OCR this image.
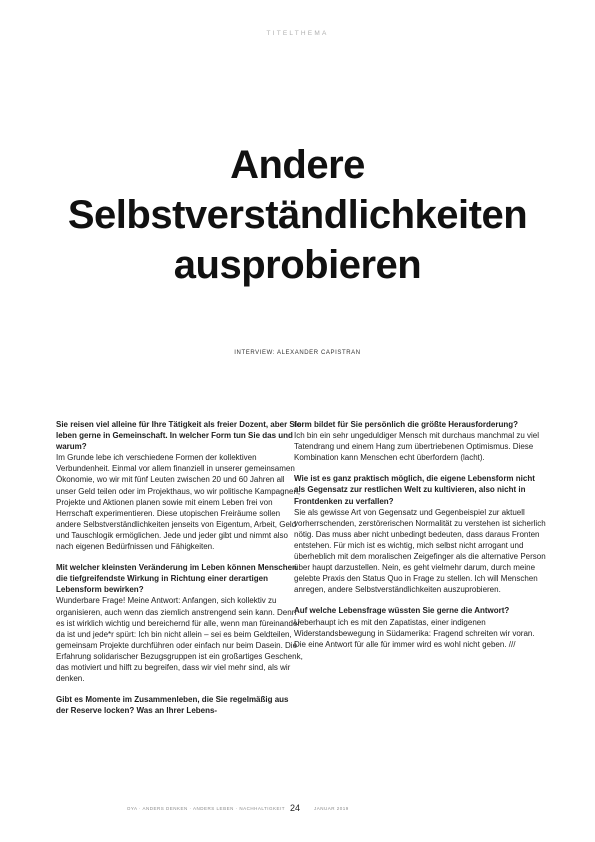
TITELTHEMA
Andere
Selbstverständlichkeiten
ausprobieren
INTERVIEW: ALEXANDER CAPISTRAN

Sie reisen viel alleine für Ihre Tätigkeit als freier Dozent, aber Sie leben gerne in Gemeinschaft. In welcher Form tun Sie das und warum?
Im Grunde lebe ich verschiedene Formen der kollektiven Verbundenheit. Einmal vor allem finanziell in unserer gemeinsamen Ökonomie, wo wir mit fünf Leuten zwischen 20 und 60 Jahren all unser Geld teilen oder im Projekthaus, wo wir politische Kampagnen, Projekte und Aktionen planen sowie mit einem Leben frei von Herrschaft experimentieren. Diese utopischen Freiräume sollen andere Selbstverständlichkeiten jenseits von Eigentum, Arbeit, Geld und Tauschlogik ermöglichen. Jede und jeder gibt und nimmt also nach eigenen Bedürfnissen und Fähigkeiten.

Mit welcher kleinsten Veränderung im Leben können Menschen die tiefgreifendste Wirkung in Richtung einer derartigen Lebensform bewirken?
Wunderbare Frage! Meine Antwort: Anfangen, sich kollektiv zu organisieren, auch wenn das ziemlich anstrengend sein kann. Denn es ist wirklich wichtig und bereichernd für alle, wenn man füreinander da ist und jede*r spürt: Ich bin nicht allein – sei es beim Geldteilen, gemeinsam Projekte durchführen oder einfach nur beim Dasein. Die Erfahrung solidarischer Bezugsgruppen ist ein großartiges Geschenk, das motiviert und hilft zu begreifen, dass wir viel mehr sind, als wir denken.

Gibt es Momente im Zusammenleben, die Sie regelmäßig aus der Reserve locken? Was an Ihrer Lebens-

form bildet für Sie persönlich die größte Herausforderung?
Ich bin ein sehr ungeduldiger Mensch mit durchaus manchmal zu viel Tatendrang und einem Hang zum übertriebenen Optimismus. Diese Kombination kann Menschen echt überfordern (lacht).

Wie ist es ganz praktisch möglich, die eigene Lebensform nicht als Gegensatz zur restlichen Welt zu kultivieren, also nicht in Frontdenken zu verfallen?
Sie als gewisse Art von Gegensatz und Gegenbeispiel zur aktuell vorherrschenden, zerstörerischen Normalität zu verstehen ist sicherlich nötig. Das muss aber nicht unbedingt bedeuten, dass daraus Fronten entstehen. Für mich ist es wichtig, mich selbst nicht arrogant und überheblich mit dem moralischen Zeigefinger als die alternative Person über haupt darzustellen. Nein, es geht vielmehr darum, durch meine gelebte Praxis den Status Quo in Frage zu stellen. Ich will Menschen anregen, andere Selbstverständlichkeiten auszuprobieren.

Auf welche Lebensfrage wüssten Sie gerne die Antwort?
Ueberhaupt ich es mit den Zapatistas, einer indigenen Widerstandsbewegung in Südamerika: Fragend schreiten wir voran. Die eine Antwort für alle für immer wird es wohl nicht geben. ///

OYA · ANDERS DENKEN · ANDERS LEBEN · NACHHALTIGKEIT 24	JANUAR 2019
